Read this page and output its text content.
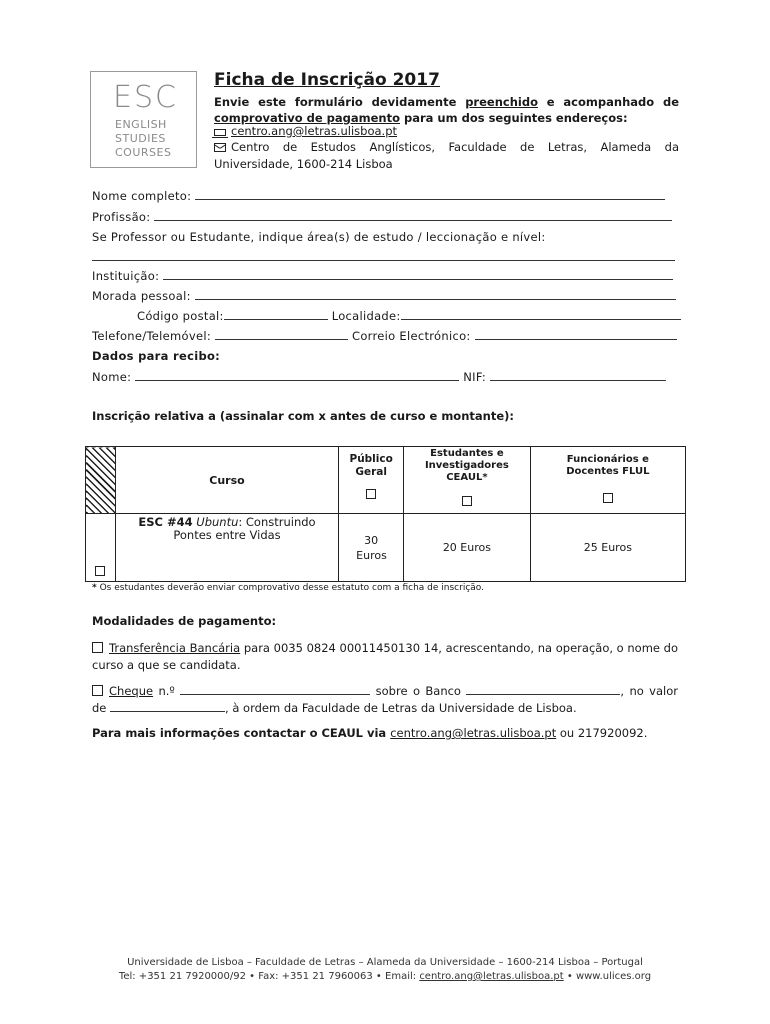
ESC
ENGLISH
STUDIES
COURSES
Ficha de Inscrição 2017
Envie este formulário devidamente preenchido e acompanhado de comprovativo de pagamento para um dos seguintes endereços:
centro.ang@letras.ulisboa.pt
Centro de Estudos Anglísticos, Faculdade de Letras, Alameda da Universidade, 1600-214 Lisboa
Nome completo:
Profissão:
Se Professor ou Estudante, indique área(s) de estudo / leccionação e nível:
Instituição:
Morada pessoal:
Código postal:	Localidade:
Telefone/Telemóvel:	Correio Electrónico:
Dados para recibo:
Nome:	NIF:
Inscrição relativa a (assinalar com x antes de curso e montante):
	Curso	Público Geral	Estudantes e Investigadores CEAUL*	Funcionários e Docentes FLUL

	ESC #44 Ubuntu: Construindo Pontes entre Vidas	30 Euros	20 Euros	25 Euros
* Os estudantes deverão enviar comprovativo desse estatuto com a ficha de inscrição.
Modalidades de pagamento:
Transferência Bancária para 0035 0824 00011450130 14, acrescentando, na operação, o nome do curso a que se candidata.
Cheque n.º	sobre o Banco	, no valor de	, à ordem da Faculdade de Letras da Universidade de Lisboa.
Para mais informações contactar o CEAUL via centro.ang@letras.ulisboa.pt ou 217920092.
Universidade de Lisboa – Faculdade de Letras – Alameda da Universidade – 1600-214 Lisboa – Portugal
Tel: +351 21 7920000/92 • Fax: +351 21 7960063 • Email: centro.ang@letras.ulisboa.pt • www.ulices.org
